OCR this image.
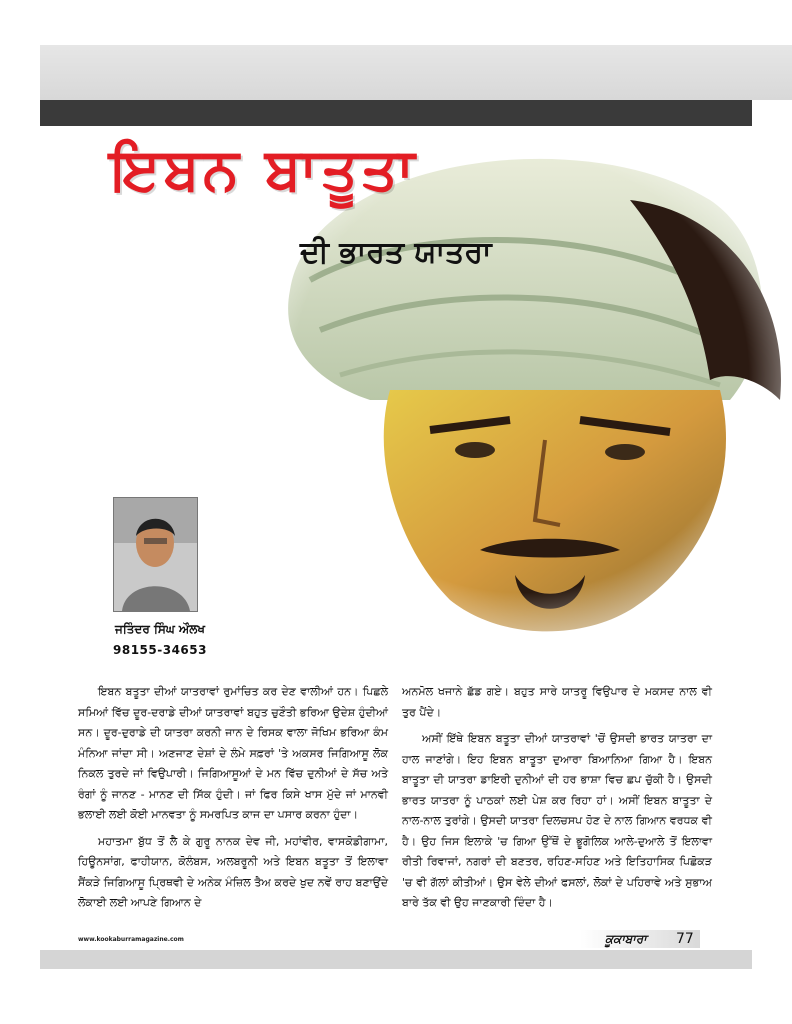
ਇਬਨ ਬਾਤੂਤਾ
ਦੀ ਭਾਰਤ ਯਾਤਰਾ
ਜਤਿੰਦਰ ਸਿੰਘ ਔਲਖ
98155-34653

ਇਬਨ ਬਤੂਤਾ ਦੀਆਂ ਯਾਤਰਾਵਾਂ ਰੁਮਾਂਚਿਤ ਕਰ ਦੇਣ ਵਾਲੀਆਂ ਹਨ। ਪਿਛਲੇ ਸਮਿਆਂ ਵਿੱਚ ਦੂਰ-ਦਰਾਡੇ ਦੀਆਂ ਯਾਤਰਾਵਾਂ ਬਹੁਤ ਚੁਣੌਤੀ ਭਰਿਆ ਉਦੇਸ਼ ਹੁੰਦੀਆਂ ਸਨ। ਦੂਰ-ਦੁਰਾਡੇ ਦੀ ਯਾਤਰਾ ਕਰਨੀ ਜਾਨ ਦੇ ਰਿਸਕ ਵਾਲਾ ਜੋਖਿਮ ਭਰਿਆ ਕੰਮ ਮੰਨਿਆ ਜਾਂਦਾ ਸੀ। ਅਣਜਾਣ ਦੇਸ਼ਾਂ ਦੇ ਲੰਮੇ ਸਫ਼ਰਾਂ 'ਤੇ ਅਕਸਰ ਜਿਗਿਆਸੂ ਲੋਕ ਨਿਕਲ ਤੁਰਦੇ ਜਾਂ ਵਿਉਪਾਰੀ। ਜਿਗਿਆਸੂਆਂ ਦੇ ਮਨ ਵਿੱਚ ਦੁਨੀਆਂ ਦੇ ਸੱਚ ਅਤੇ ਰੰਗਾਂ ਨੂੰ ਜਾਨਣ - ਮਾਨਣ ਦੀ ਸਿੱਕ ਹੁੰਦੀ। ਜਾਂ ਫਿਰ ਕਿਸੇ ਖਾਸ ਮੁੱਦੇ ਜਾਂ ਮਾਨਵੀ ਭਲਾਈ ਲਈ ਕੋਈ ਮਾਨਵਤਾ ਨੂੰ ਸਮਰਪਿਤ ਕਾਜ ਦਾ ਪਸਾਰ ਕਰਨਾ ਹੁੰਦਾ।

ਮਹਾਤਮਾ ਬੁੱਧ ਤੋਂ ਲੈ ਕੇ ਗੁਰੂ ਨਾਨਕ ਦੇਵ ਜੀ, ਮਹਾਂਵੀਰ, ਵਾਸਕੋਡੀਗਾਮਾ, ਹਿਊਨਸਾਂਗ, ਫਾਹੀਯਾਨ, ਕੋਲੰਬਸ, ਅਲਬਰੂਨੀ ਅਤੇ ਇਬਨ ਬਤੂਤਾ ਤੋਂ ਇਲਾਵਾ ਸੈਂਕੜੇ ਜਿਗਿਆਸੂ ਪ੍ਰਿਥਵੀ ਦੇ ਅਨੇਕ ਮੰਜ਼ਿਲ ਤੈਅ ਕਰਦੇ ਖੁਦ ਨਵੇਂ ਰਾਹ ਬਣਾਉਂਦੇ ਲੋਕਾਈ ਲਈ ਆਪਣੇ ਗਿਆਨ ਦੇ

ਅਨਮੋਲ ਖਜਾਨੇ ਛੱਡ ਗਏ। ਬਹੁਤ ਸਾਰੇ ਯਾਤਰੂ ਵਿਉਪਾਰ ਦੇ ਮਕਸਦ ਨਾਲ ਵੀ ਤੁਰ ਪੈਂਦੇ।

ਅਸੀਂ ਇੱਥੇ ਇਬਨ ਬਤੂਤਾ ਦੀਆਂ ਯਾਤਰਾਵਾਂ 'ਚੋਂ ਉਸਦੀ ਭਾਰਤ ਯਾਤਰਾ ਦਾ ਹਾਲ ਜਾਣਾਂਗੇ। ਇਹ ਇਬਨ ਬਾਤੂਤਾ ਦੁਆਰਾ ਬਿਆਨਿਆ ਗਿਆ ਹੈ। ਇਬਨ ਬਾਤੂਤਾ ਦੀ ਯਾਤਰਾ ਡਾਇਰੀ ਦੁਨੀਆਂ ਦੀ ਹਰ ਭਾਸ਼ਾ ਵਿਚ ਛਪ ਚੁੱਕੀ ਹੈ। ਉਸਦੀ ਭਾਰਤ ਯਾਤਰਾ ਨੂੰ ਪਾਠਕਾਂ ਲਈ ਪੇਸ਼ ਕਰ ਰਿਹਾ ਹਾਂ। ਅਸੀਂ ਇਬਨ ਬਾਤੂਤਾ ਦੇ ਨਾਲ-ਨਾਲ ਤੁਰਾਂਗੇ। ਉਸਦੀ ਯਾਤਰਾ ਦਿਲਚਸਪ ਹੋਣ ਦੇ ਨਾਲ ਗਿਆਨ ਵਰਧਕ ਵੀ ਹੈ। ਉਹ ਜਿਸ ਇਲਾਕੇ 'ਚ ਗਿਆ ਉੱਥੋਂ ਦੇ ਭੂਗੋਲਿਕ ਆਲੇ-ਦੁਆਲੇ ਤੋਂ ਇਲਾਵਾ ਰੀਤੀ ਰਿਵਾਜਾਂ, ਨਗਰਾਂ ਦੀ ਬਣਤਰ, ਰਹਿਣ-ਸਹਿਣ ਅਤੇ ਇਤਿਹਾਸਿਕ ਪਿਛੋਕੜ 'ਚ ਵੀ ਗੱਲਾਂ ਕੀਤੀਆਂ। ਉਸ ਵੇਲੇ ਦੀਆਂ ਫਸਲਾਂ, ਲੋਕਾਂ ਦੇ ਪਹਿਰਾਵੇ ਅਤੇ ਸੁਭਾਅ ਬਾਰੇ ਤੱਕ ਵੀ ਉਹ ਜਾਣਕਾਰੀ ਦਿੰਦਾ ਹੈ।

www.kookaburramagazine.com	ਕੂਕਾਬਾਰਾ 77
